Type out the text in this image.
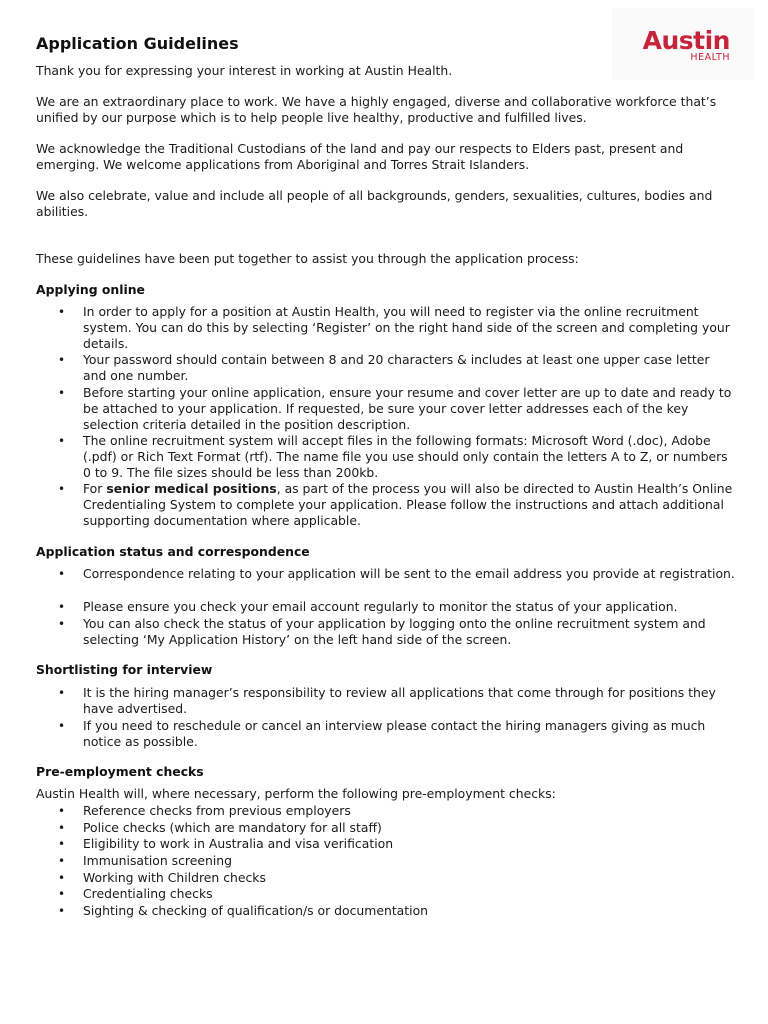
Austin
HEALTH
Application Guidelines

Thank you for expressing your interest in working at Austin Health.

We are an extraordinary place to work. We have a highly engaged, diverse and collaborative workforce that’s unified by our purpose which is to help people live healthy, productive and fulfilled lives.

We acknowledge the Traditional Custodians of the land and pay our respects to Elders past, present and emerging. We welcome applications from Aboriginal and Torres Strait Islanders.

We also celebrate, value and include all people of all backgrounds, genders, sexualities, cultures, bodies and abilities.

These guidelines have been put together to assist you through the application process:

Applying online
• In order to apply for a position at Austin Health, you will need to register via the online recruitment system. You can do this by selecting ‘Register’ on the right hand side of the screen and completing your details.
• Your password should contain between 8 and 20 characters & includes at least one upper case letter and one number.
• Before starting your online application, ensure your resume and cover letter are up to date and ready to be attached to your application. If requested, be sure your cover letter addresses each of the key selection criteria detailed in the position description.
• The online recruitment system will accept files in the following formats: Microsoft Word (.doc), Adobe (.pdf) or Rich Text Format (rtf). The name file you use should only contain the letters A to Z, or numbers 0 to 9. The file sizes should be less than 200kb.
• For senior medical positions, as part of the process you will also be directed to Austin Health’s Online Credentialing System to complete your application. Please follow the instructions and attach additional supporting documentation where applicable.
Application status and correspondence
• Correspondence relating to your application will be sent to the email address you provide at registration.
• Please ensure you check your email account regularly to monitor the status of your application.
• You can also check the status of your application by logging onto the online recruitment system and selecting ‘My Application History’ on the left hand side of the screen.
Shortlisting for interview
• It is the hiring manager’s responsibility to review all applications that come through for positions they have advertised.
• If you need to reschedule or cancel an interview please contact the hiring managers giving as much notice as possible.
Pre-employment checks

Austin Health will, where necessary, perform the following pre-employment checks:

• Reference checks from previous employers
• Police checks (which are mandatory for all staff)
• Eligibility to work in Australia and visa verification
• Immunisation screening
• Working with Children checks
• Credentialing checks
• Sighting & checking of qualification/s or documentation
